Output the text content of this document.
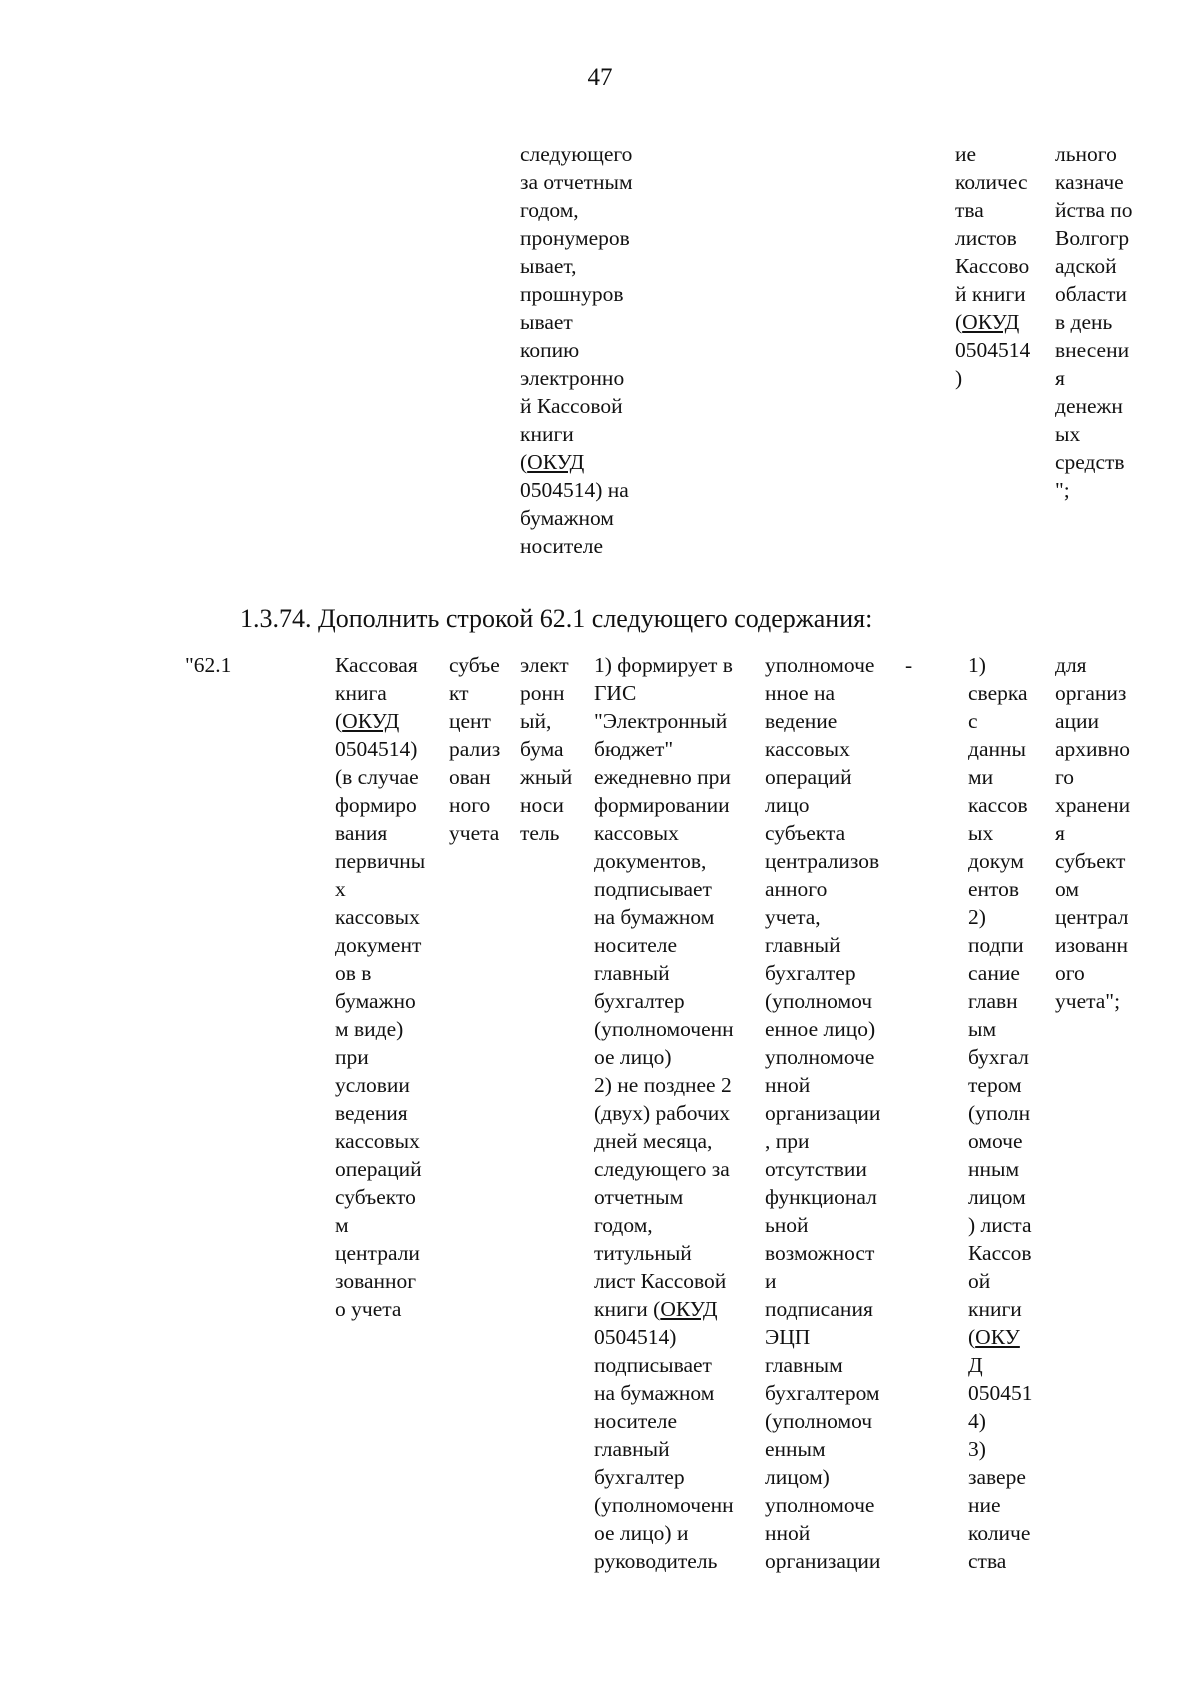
47
следующего
за отчетным
годом,
пронумеров
ывает,
прошнуров
ывает
копию
электронно
й Кассовой
книги
(ОКУД
0504514) на
бумажном
носителе
ие
количес
тва
листов
Кассово
й книги
(ОКУД
0504514
)
льного
казначе
йства по
Волгогр
адской
области
в день
внесени
я
денежн
ых
средств
";
1.3.74. Дополнить строкой 62.1 следующего содержания:
"62.1	Кассовая
книга
(ОКУД
0504514)
(в случае
формиро
вания
первичны
х
кассовых
документ
ов в
бумажно
м виде)
при
условии
ведения
кассовых
операций
субъекто
м
централи
зованног
о учета
субъе
кт
цент
рализ
ован
ного
учета
элект
ронн
ый,
бума
жный
носи
тель
1) формирует в
ГИС
"Электронный
бюджет"
ежедневно при
формировании
кассовых
документов,
подписывает
на бумажном
носителе
главный
бухгалтер
(уполномоченн
ое лицо)
2) не позднее 2
(двух) рабочих
дней месяца,
следующего за
отчетным
годом,
титульный
лист Кассовой
книги (ОКУД
0504514)
подписывает
на бумажном
носителе
главный
бухгалтер
(уполномоченн
ое лицо) и
руководитель
уполномоче
нное на
ведение
кассовых
операций
лицо
субъекта
централизов
анного
учета,
главный
бухгалтер
(уполномоч
енное лицо)
уполномоче
нной
организации
, при
отсутствии
функционал
ьной
возможност
и
подписания
ЭЦП
главным
бухгалтером
(уполномоч
енным
лицом)
уполномоче
нной
организации
-	1)
сверка
с
данны
ми
кассов
ых
докум
ентов
2)
подпи
сание
главн
ым
бухгал
тером
(уполн
омоче
нным
лицом
) листа
Кассов
ой
книги
(ОКУ
Д
050451
4)
3)
завере
ние
количе
ства
для
организ
ации
архивно
го
хранени
я
субъект
ом
централ
изованн
ого
учета";
